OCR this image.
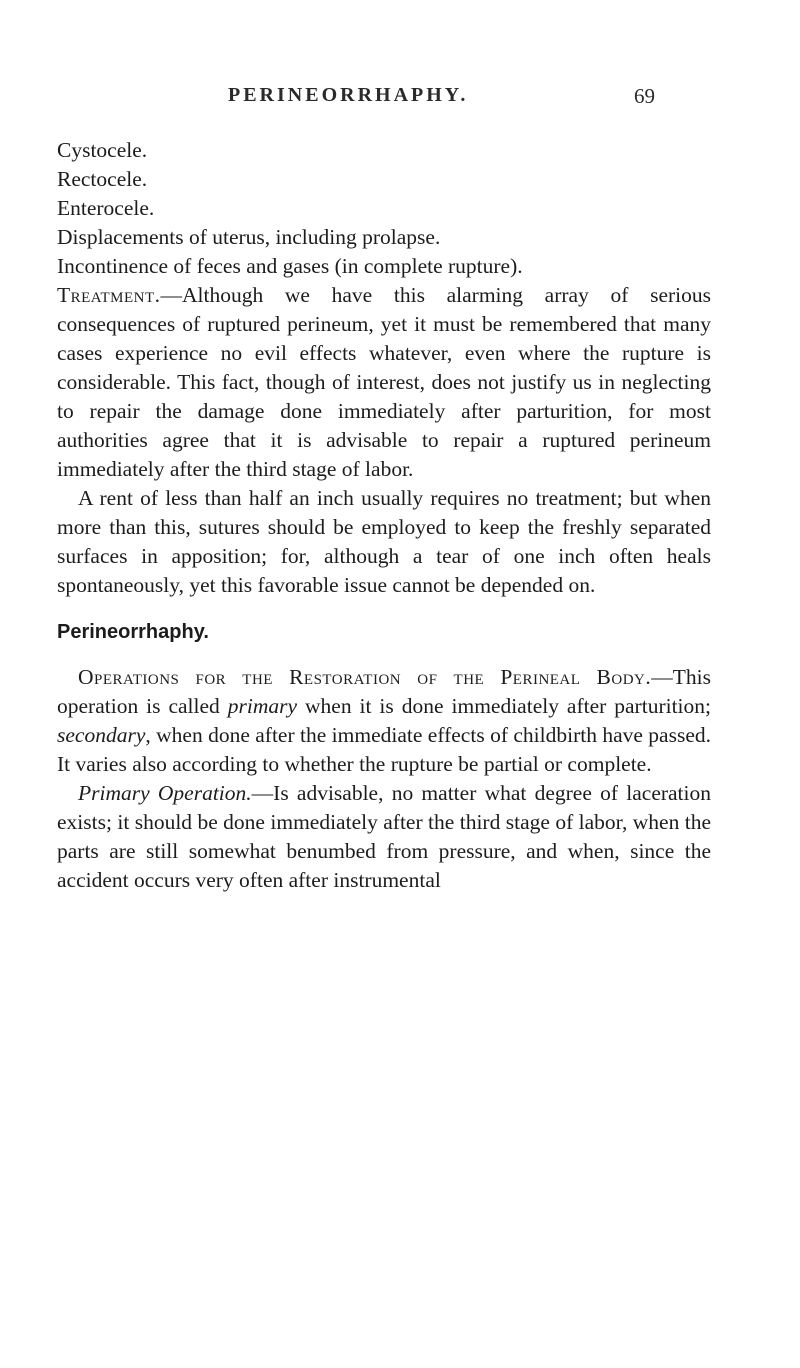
PERINEORRHAPHY.	69
Cystocele.
Rectocele.
Enterocele.
Displacements of uterus, including prolapse.
Incontinence of feces and gases (in complete rupture).

Treatment.—Although we have this alarming array of serious consequences of ruptured perineum, yet it must be remembered that many cases experience no evil effects whatever, even where the rupture is considerable. This fact, though of interest, does not justify us in neglecting to repair the damage done immediately after parturition, for most authorities agree that it is advisable to repair a ruptured perineum immediately after the third stage of labor.

A rent of less than half an inch usually requires no treatment; but when more than this, sutures should be employed to keep the freshly separated surfaces in apposition; for, although a tear of one inch often heals spontaneously, yet this favorable issue cannot be depended on.

Perineorrhaphy.

Operations for the Restoration of the Perineal Body.—This operation is called primary when it is done immediately after parturition; secondary, when done after the immediate effects of childbirth have passed. It varies also according to whether the rupture be partial or complete.

Primary Operation.—Is advisable, no matter what degree of laceration exists; it should be done immediately after the third stage of labor, when the parts are still somewhat benumbed from pressure, and when, since the accident occurs very often after instrumental
